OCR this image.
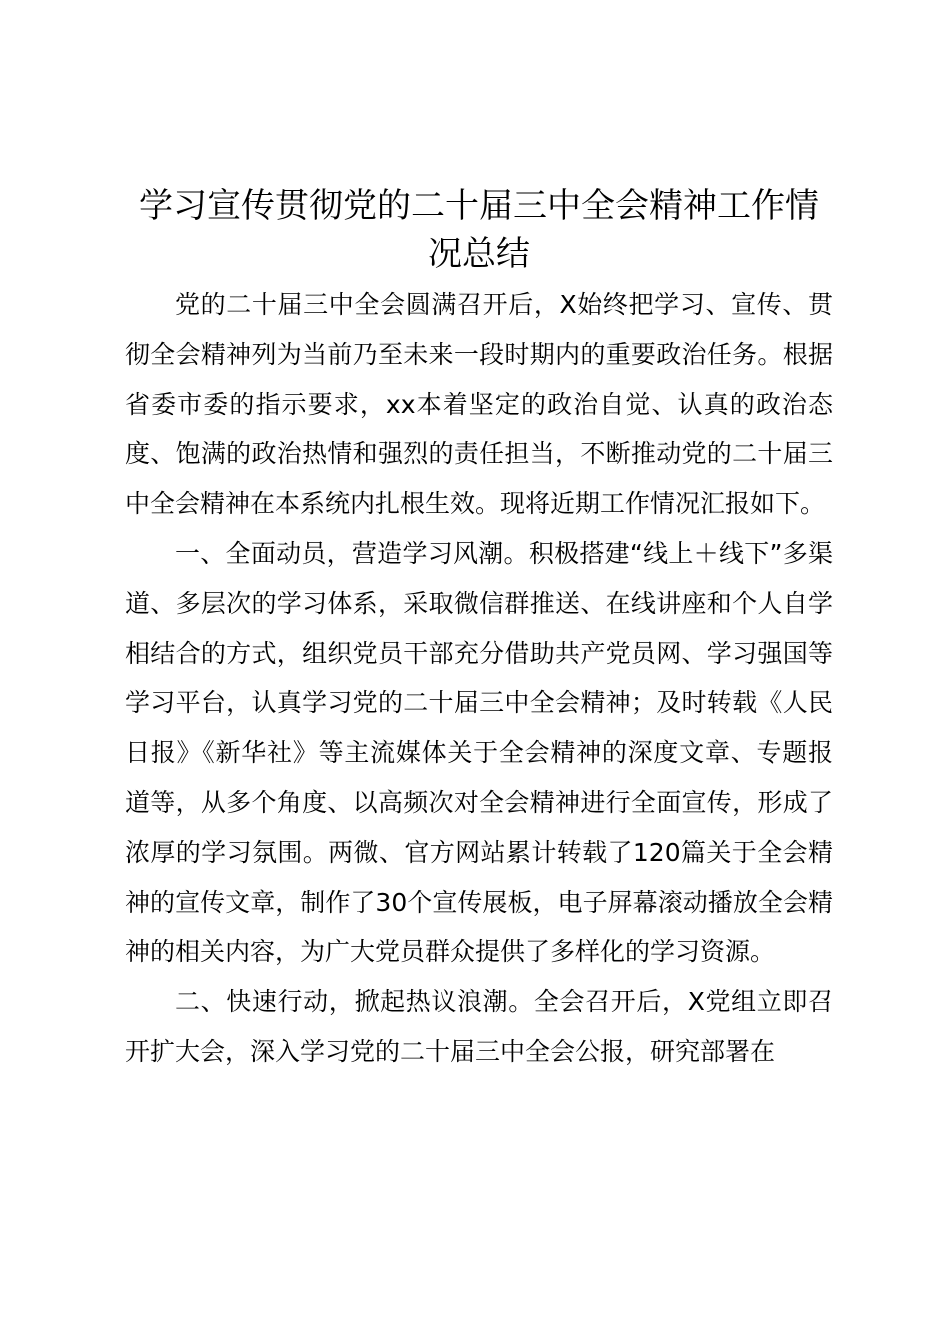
学习宣传贯彻党的二十届三中全会精神工作情况总结

党的二十届三中全会圆满召开后，X始终把学习、宣传、贯彻全会精神列为当前乃至未来一段时期内的重要政治任务。根据省委市委的指示要求，xx本着坚定的政治自觉、认真的政治态度、饱满的政治热情和强烈的责任担当，不断推动党的二十届三中全会精神在本系统内扎根生效。现将近期工作情况汇报如下。

一、全面动员，营造学习风潮。积极搭建“线上＋线下”多渠道、多层次的学习体系，采取微信群推送、在线讲座和个人自学相结合的方式，组织党员干部充分借助共产党员网、学习强国等学习平台，认真学习党的二十届三中全会精神；及时转载《人民日报》《新华社》等主流媒体关于全会精神的深度文章、专题报道等，从多个角度、以高频次对全会精神进行全面宣传，形成了浓厚的学习氛围。两微、官方网站累计转载了120篇关于全会精神的宣传文章，制作了30个宣传展板，电子屏幕滚动播放全会精神的相关内容，为广大党员群众提供了多样化的学习资源。

二、快速行动，掀起热议浪潮。全会召开后，X党组立即召开扩大会，深入学习党的二十届三中全会公报，研究部署在
